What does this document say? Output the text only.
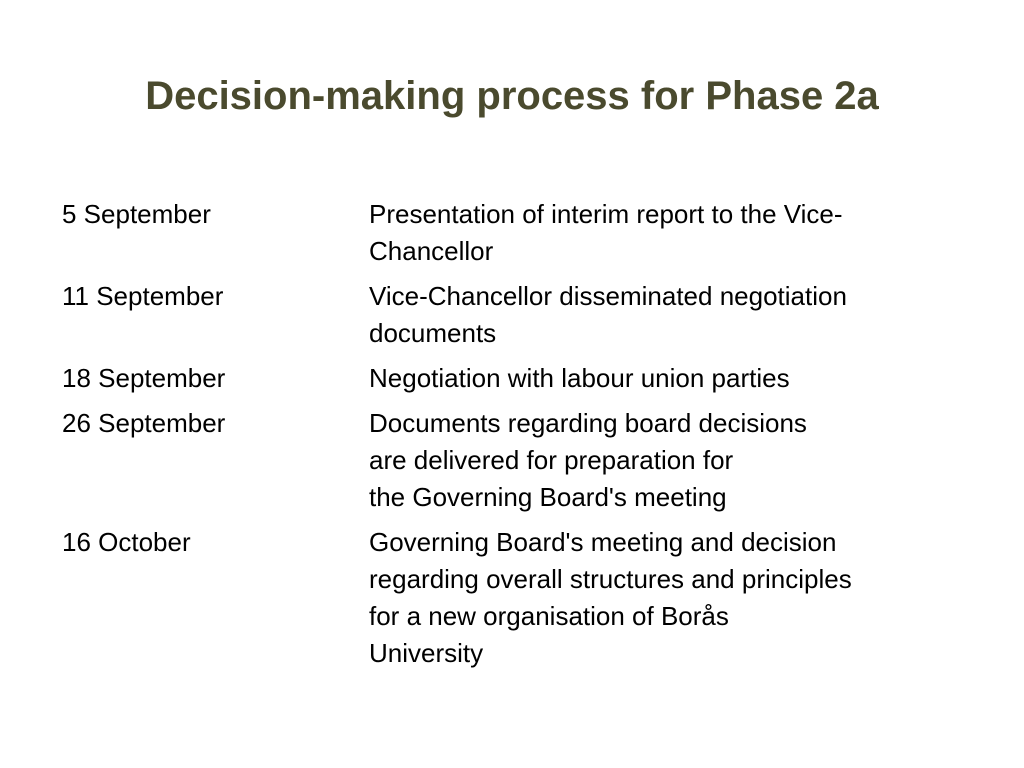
Decision-making process for Phase 2a
5 September	Presentation of interim report to the Vice-
Chancellor
11 September	Vice-Chancellor disseminated negotiation
documents
18 September	Negotiation with labour union parties
26 September	Documents regarding board decisions
are delivered for preparation for
the Governing Board's meeting
16 October	Governing Board's meeting and decision
regarding overall structures and principles
for a new organisation of Borås
University
